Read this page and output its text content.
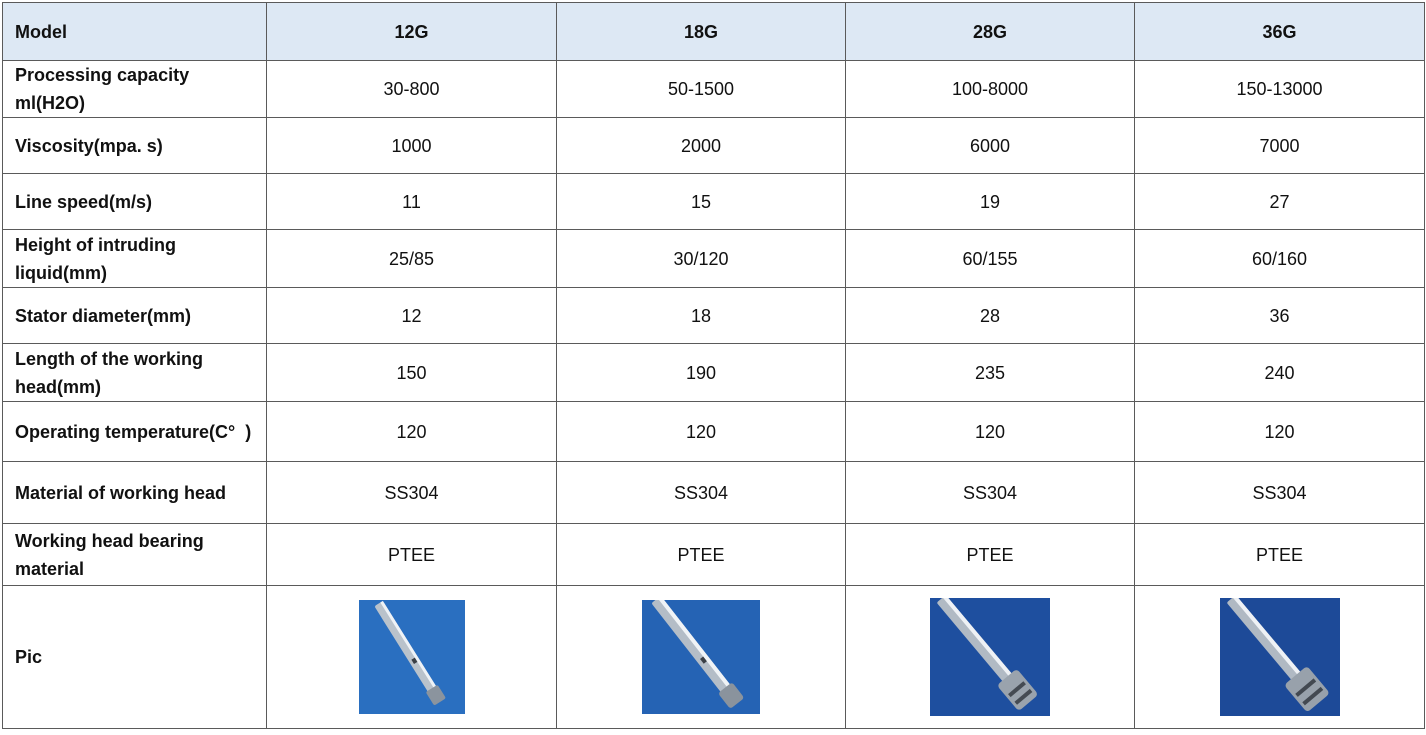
Model	12G	18G	28G	36G
Processing capacity ml(H2O)	30-800	50-1500	100-8000	150-13000
Viscosity(mpa. s)	1000	2000	6000	7000
Line speed(m/s)	11	15	19	27
Height of intruding liquid(mm)	25/85	30/120	60/155	60/160
Stator diameter(mm)	12	18	28	36
Length of the working head(mm)	150	190	235	240
Operating temperature(C°  )	120	120	120	120
Material of working head	SS304	SS304	SS304	SS304
Working head bearing material	PTEE	PTEE	PTEE	PTEE
Pic				
